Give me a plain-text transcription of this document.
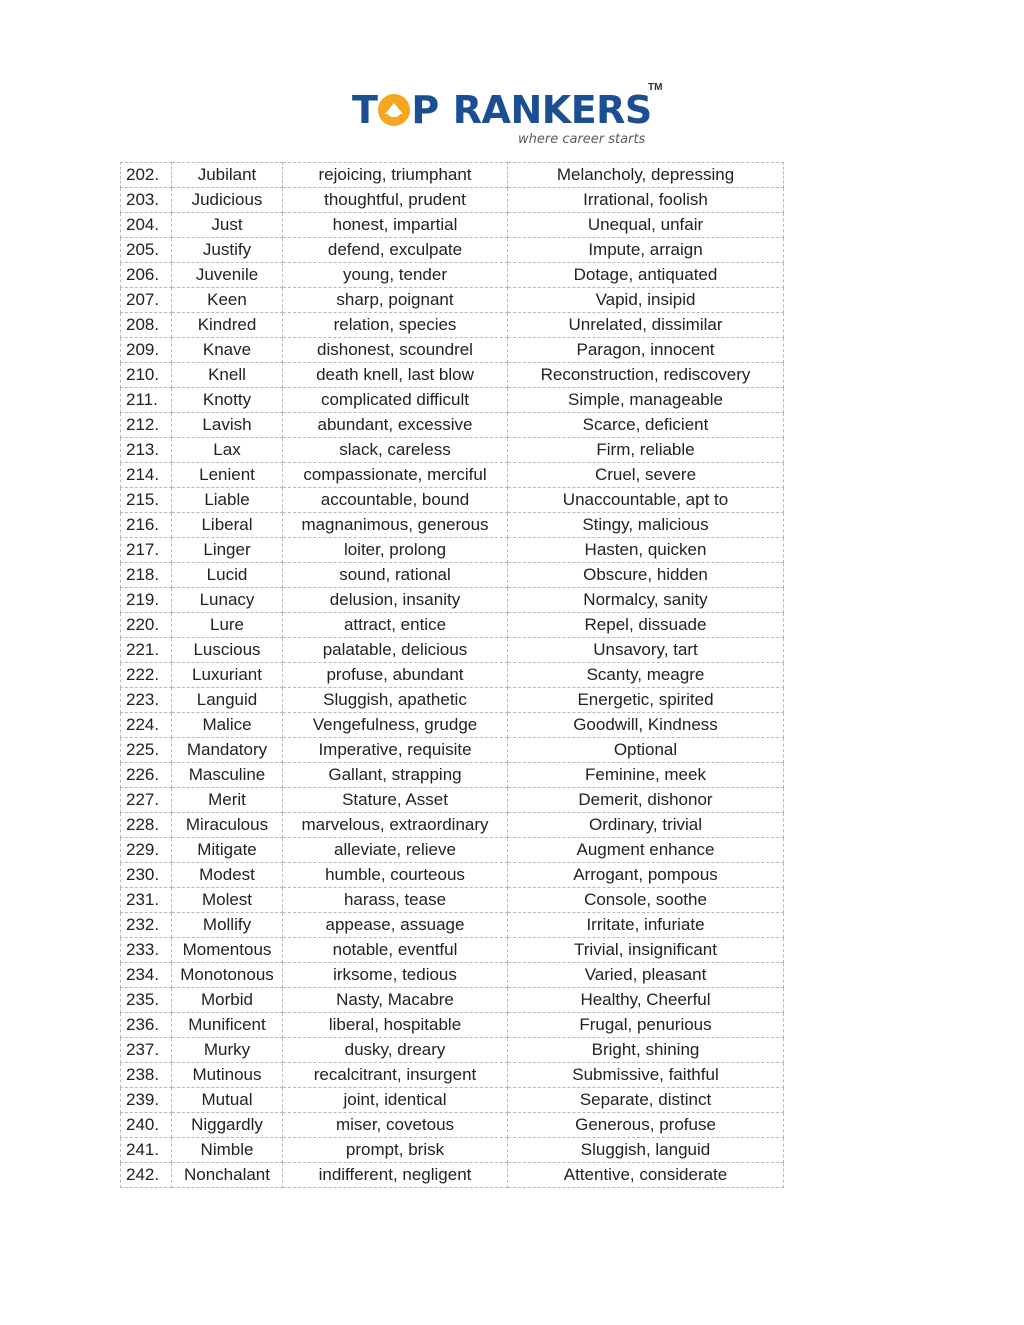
T P RANKERS
TM
where career starts
202.	Jubilant	rejoicing, triumphant	Melancholy, depressing
203.	Judicious	thoughtful, prudent	Irrational, foolish
204.	Just	honest, impartial	Unequal, unfair
205.	Justify	defend, exculpate	Impute, arraign
206.	Juvenile	young, tender	Dotage, antiquated
207.	Keen	sharp, poignant	Vapid, insipid
208.	Kindred	relation, species	Unrelated, dissimilar
209.	Knave	dishonest, scoundrel	Paragon, innocent
210.	Knell	death knell, last blow	Reconstruction, rediscovery
211.	Knotty	complicated difficult	Simple, manageable
212.	Lavish	abundant, excessive	Scarce, deficient
213.	Lax	slack, careless	Firm, reliable
214.	Lenient	compassionate, merciful	Cruel, severe
215.	Liable	accountable, bound	Unaccountable, apt to
216.	Liberal	magnanimous, generous	Stingy, malicious
217.	Linger	loiter, prolong	Hasten, quicken
218.	Lucid	sound, rational	Obscure, hidden
219.	Lunacy	delusion, insanity	Normalcy, sanity
220.	Lure	attract, entice	Repel, dissuade
221.	Luscious	palatable, delicious	Unsavory, tart
222.	Luxuriant	profuse, abundant	Scanty, meagre
223.	Languid	Sluggish, apathetic	Energetic, spirited
224.	Malice	Vengefulness, grudge	Goodwill, Kindness
225.	Mandatory	Imperative, requisite	Optional
226.	Masculine	Gallant, strapping	Feminine, meek
227.	Merit	Stature, Asset	Demerit, dishonor
228.	Miraculous	marvelous, extraordinary	Ordinary, trivial
229.	Mitigate	alleviate, relieve	Augment enhance
230.	Modest	humble, courteous	Arrogant, pompous
231.	Molest	harass, tease	Console, soothe
232.	Mollify	appease, assuage	Irritate, infuriate
233.	Momentous	notable, eventful	Trivial, insignificant
234.	Monotonous	irksome, tedious	Varied, pleasant
235.	Morbid	Nasty, Macabre	Healthy, Cheerful
236.	Munificent	liberal, hospitable	Frugal, penurious
237.	Murky	dusky, dreary	Bright, shining
238.	Mutinous	recalcitrant, insurgent	Submissive, faithful
239.	Mutual	joint, identical	Separate, distinct
240.	Niggardly	miser, covetous	Generous, profuse
241.	Nimble	prompt, brisk	Sluggish, languid
242.	Nonchalant	indifferent, negligent	Attentive, considerate
